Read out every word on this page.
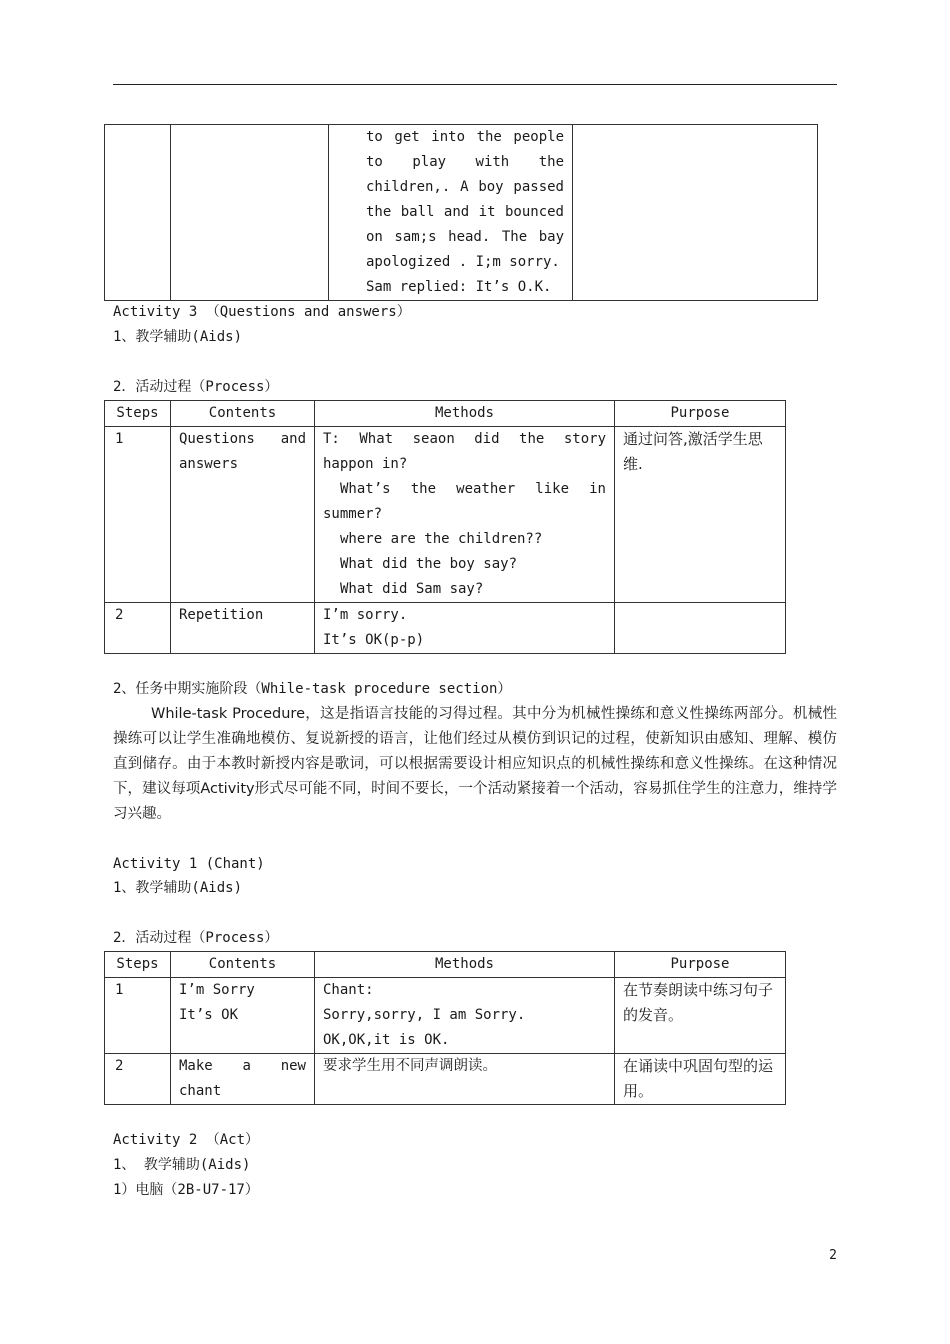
to get into the people
to play with the
children,. A boy passed
the ball and it bounced
on sam;s head. The bay
apologized . I;m sorry.
Sam replied: It’s O.K.

Activity 3 （Questions and answers）
1、教学辅助(Aids)
2．活动过程（Process）
Steps	Contents	Methods	Purpose
1	Questions and answers	T: What seaon did the story happon in?
What’s the weather like in summer?
where are the children??
What did the boy say?
What did Sam say?	通过问答,激活学生思维.
2	Repetition	I’m sorry.
It’s OK(p-p)	

2、任务中期实施阶段（While-task procedure section）
While-task Procedure，这是指语言技能的习得过程。其中分为机械性操练和意义性操练两部分。机械性操练可以让学生准确地模仿、复说新授的语言，让他们经过从模仿到识记的过程，使新知识由感知、理解、模仿直到储存。由于本教时新授内容是歌词，可以根据需要设计相应知识点的机械性操练和意义性操练。在这种情况下，建议每项Activity形式尽可能不同，时间不要长，一个活动紧接着一个活动，容易抓住学生的注意力，维持学习兴趣。
Activity 1 (Chant)
1、教学辅助(Aids)
2．活动过程（Process）
Steps	Contents	Methods	Purpose
1	I’m Sorry
It’s OK	Chant:
Sorry,sorry, I am Sorry.
OK,OK,it is OK.	在节奏朗读中练习句子的发音。
2	Make a new chant	要求学生用不同声调朗读。	在诵读中巩固句型的运用。
Activity 2 （Act）
1、 教学辅助(Aids)
1）电脑（2B-U7-17）
2
